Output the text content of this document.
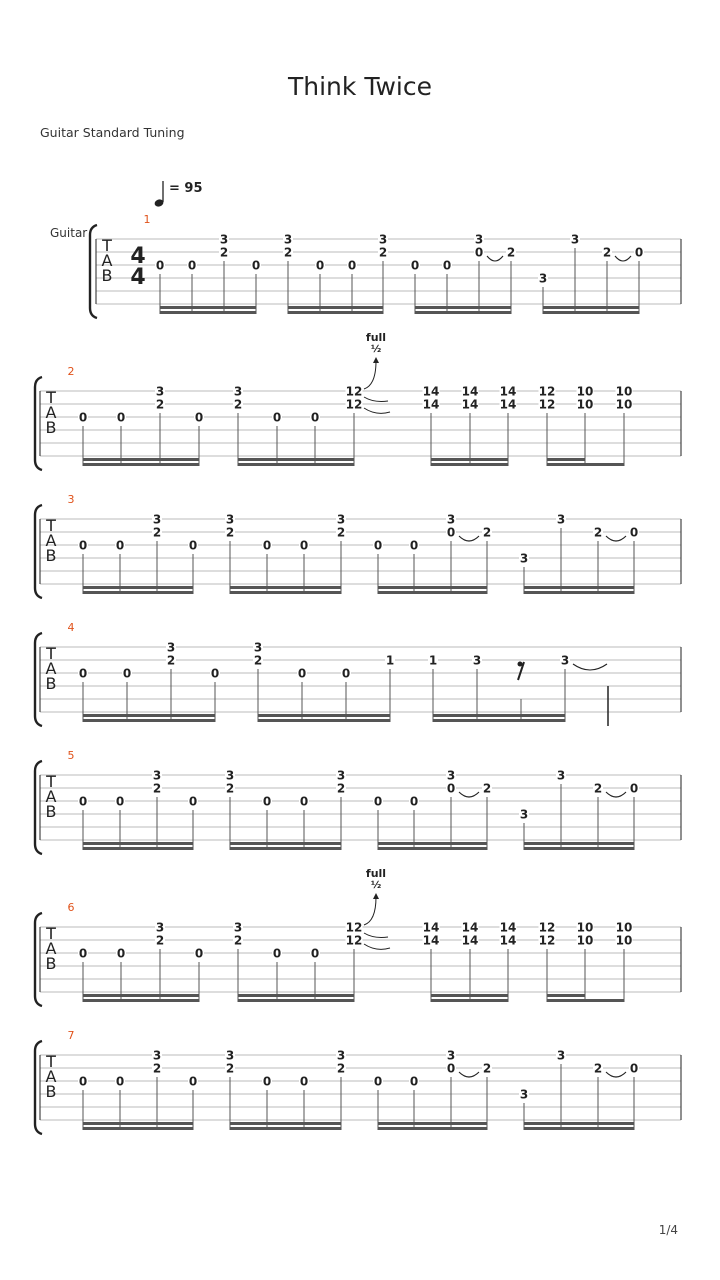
Think Twice
Guitar Standard Tuning
T
A
B
1
4
4
Guitar
= 95
0 0
3
2
0
3
2
0 0
3
2
0 0
3
0 2
3
3
2 0
T
A
B
2
0 0
3
2
0
3
2
0 0
12
12
½
full
14
14
14
14
14
14
12
12
10
10
10
10
T
A
B
3
0 0
3
2
0
3
2
0 0
3
2
0 0
3
0 2
3
3
2 0
T
A
B
4
0	0
3
2
0
3
2
0	0
1	1	3	3
T
A
B
5
0 0
3
2
0
3
2
0 0
3
2
0 0
3
0 2
3
3
2 0
T
A
B
6
0 0
3
2
0
3
2
0 0
12
12
½
full
14
14
14
14
14
14
12
12
10
10
10
10
T
A
B
7
0 0
3
2
0
3
2
0 0
3
2
0 0
3
0 2
3
3
2 0
1/4
